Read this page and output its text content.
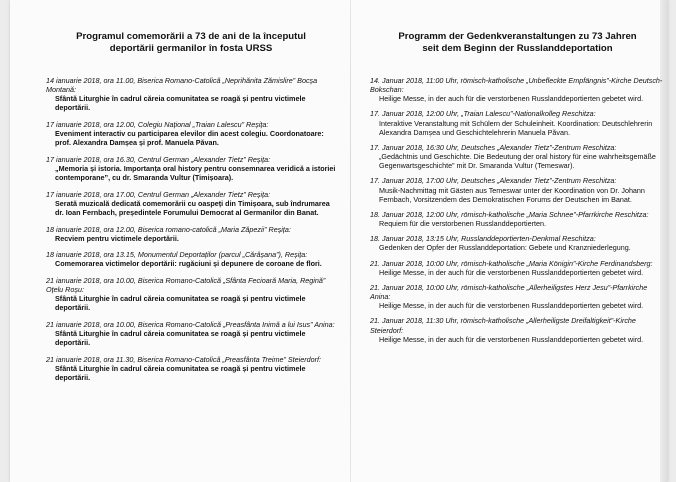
Programul comemorării a 73 de ani de la începutul
deportării germanilor în fosta URSS
14 ianuarie 2018, ora 11.00, Biserica Romano-Catolică „Neprihănita Zămislire” Bocșa Montană:
Sfântă Liturghie în cadrul căreia comunitatea se roagă și pentru victimele deportării.
17 ianuarie 2018, ora 12.00, Colegiu Național „Traian Lalescu” Reșița:
Eveniment interactiv cu participarea elevilor din acest colegiu. Coordonatoare: prof. Alexandra Damșea și prof. Manuela Păvan.
17 ianuarie 2018, ora 16.30, Centrul German „Alexander Tietz” Reșița:
„Memoria și istoria. Importanța oral history pentru consemnarea veridică a istoriei contemporane”, cu dr. Smaranda Vultur (Timișoara).
17 ianuarie 2018, ora 17.00, Centrul German „Alexander Tietz” Reșița:
Serată muzicală dedicată comemorării cu oaspeți din Timișoara, sub îndrumarea dr. Ioan Fernbach, președintele Forumului Democrat al Germanilor din Banat.
18 ianuarie 2018, ora 12.00, Biserica romano-catolică „Maria Zăpezii” Reșița:
Recviem pentru victimele deportării.
18 ianuarie 2018, ora 13.15, Monumentul Deportaților (parcul „Cărășana”), Reșița:
Comemorarea victimelor deportării: rugăciuni și depunere de coroane de flori.
21 ianuarie 2018, ora 10.00, Biserica Romano-Catolică „Sfânta Fecioară Maria, Regină” Oțelu Roșu:
Sfântă Liturghie în cadrul căreia comunitatea se roagă și pentru victimele deportării.
21 ianuarie 2018, ora 10.00, Biserica Romano-Catolică „Preasfânta Inimă a lui Isus” Anina:
Sfântă Liturghie în cadrul căreia comunitatea se roagă și pentru victimele deportării.
21 ianuarie 2018, ora 11.30, Biserica Romano-Catolică „Preasfânta Treime” Steierdorf:
Sfântă Liturghie în cadrul căreia comunitatea se roagă și pentru victimele deportării.
Programm der Gedenkveranstaltungen zu 73 Jahren
seit dem Beginn der Russlanddeportation
14. Januar 2018, 11:00 Uhr, römisch-katholische „Unbefleckte Empfängnis”-Kirche Deutsch-Bokschan:
Heilige Messe, in der auch für die verstorbenen Russlanddeportierten gebetet wird.
17. Januar 2018, 12:00 Uhr, „Traian Lalescu”-Nationalkolleg Reschitza:
Interaktive Veranstaltung mit Schülern der Schuleinheit. Koordination: Deutschlehrerin Alexandra Damșea und Geschichtelehrerin Manuela Păvan.
17. Januar 2018, 16:30 Uhr, Deutsches „Alexander Tietz”-Zentrum Reschitza:
„Gedächtnis und Geschichte. Die Bedeutung der oral history für eine wahrheitsgemäße Gegenwartsgeschichte” mit Dr. Smaranda Vultur (Temeswar).
17. Januar 2018, 17:00 Uhr, Deutsches „Alexander Tietz”-Zentrum Reschitza:
Musik-Nachmittag mit Gästen aus Temeswar unter der Koordination von Dr. Johann Fernbach, Vorsitzendem des Demokratischen Forums der Deutschen im Banat.
18. Januar 2018, 12:00 Uhr, römisch-katholische „Maria Schnee”-Pfarrkirche Reschitza:
Requiem für die verstorbenen Russlanddeportierten.
18. Januar 2018, 13:15 Uhr, Russlanddeportierten-Denkmal Reschitza:
Gedenken der Opfer der Russlanddeportation: Gebete und Kranzniederlegung.
21. Januar 2018, 10:00 Uhr, römisch-katholische „Maria Königin”-Kirche Ferdinandsberg:
Heilige Messe, in der auch für die verstorbenen Russlanddeportierten gebetet wird.
21. Januar 2018, 10:00 Uhr, römisch-katholische „Allerheiligstes Herz Jesu”-Pfarrkirche Anina:
Heilige Messe, in der auch für die verstorbenen Russlanddeportierten gebetet wird.
21. Januar 2018, 11:30 Uhr, römisch-katholische „Allerheiligste Dreifaltigkeit”-Kirche Steierdorf:
Heilige Messe, in der auch für die verstorbenen Russlanddeportierten gebetet wird.
